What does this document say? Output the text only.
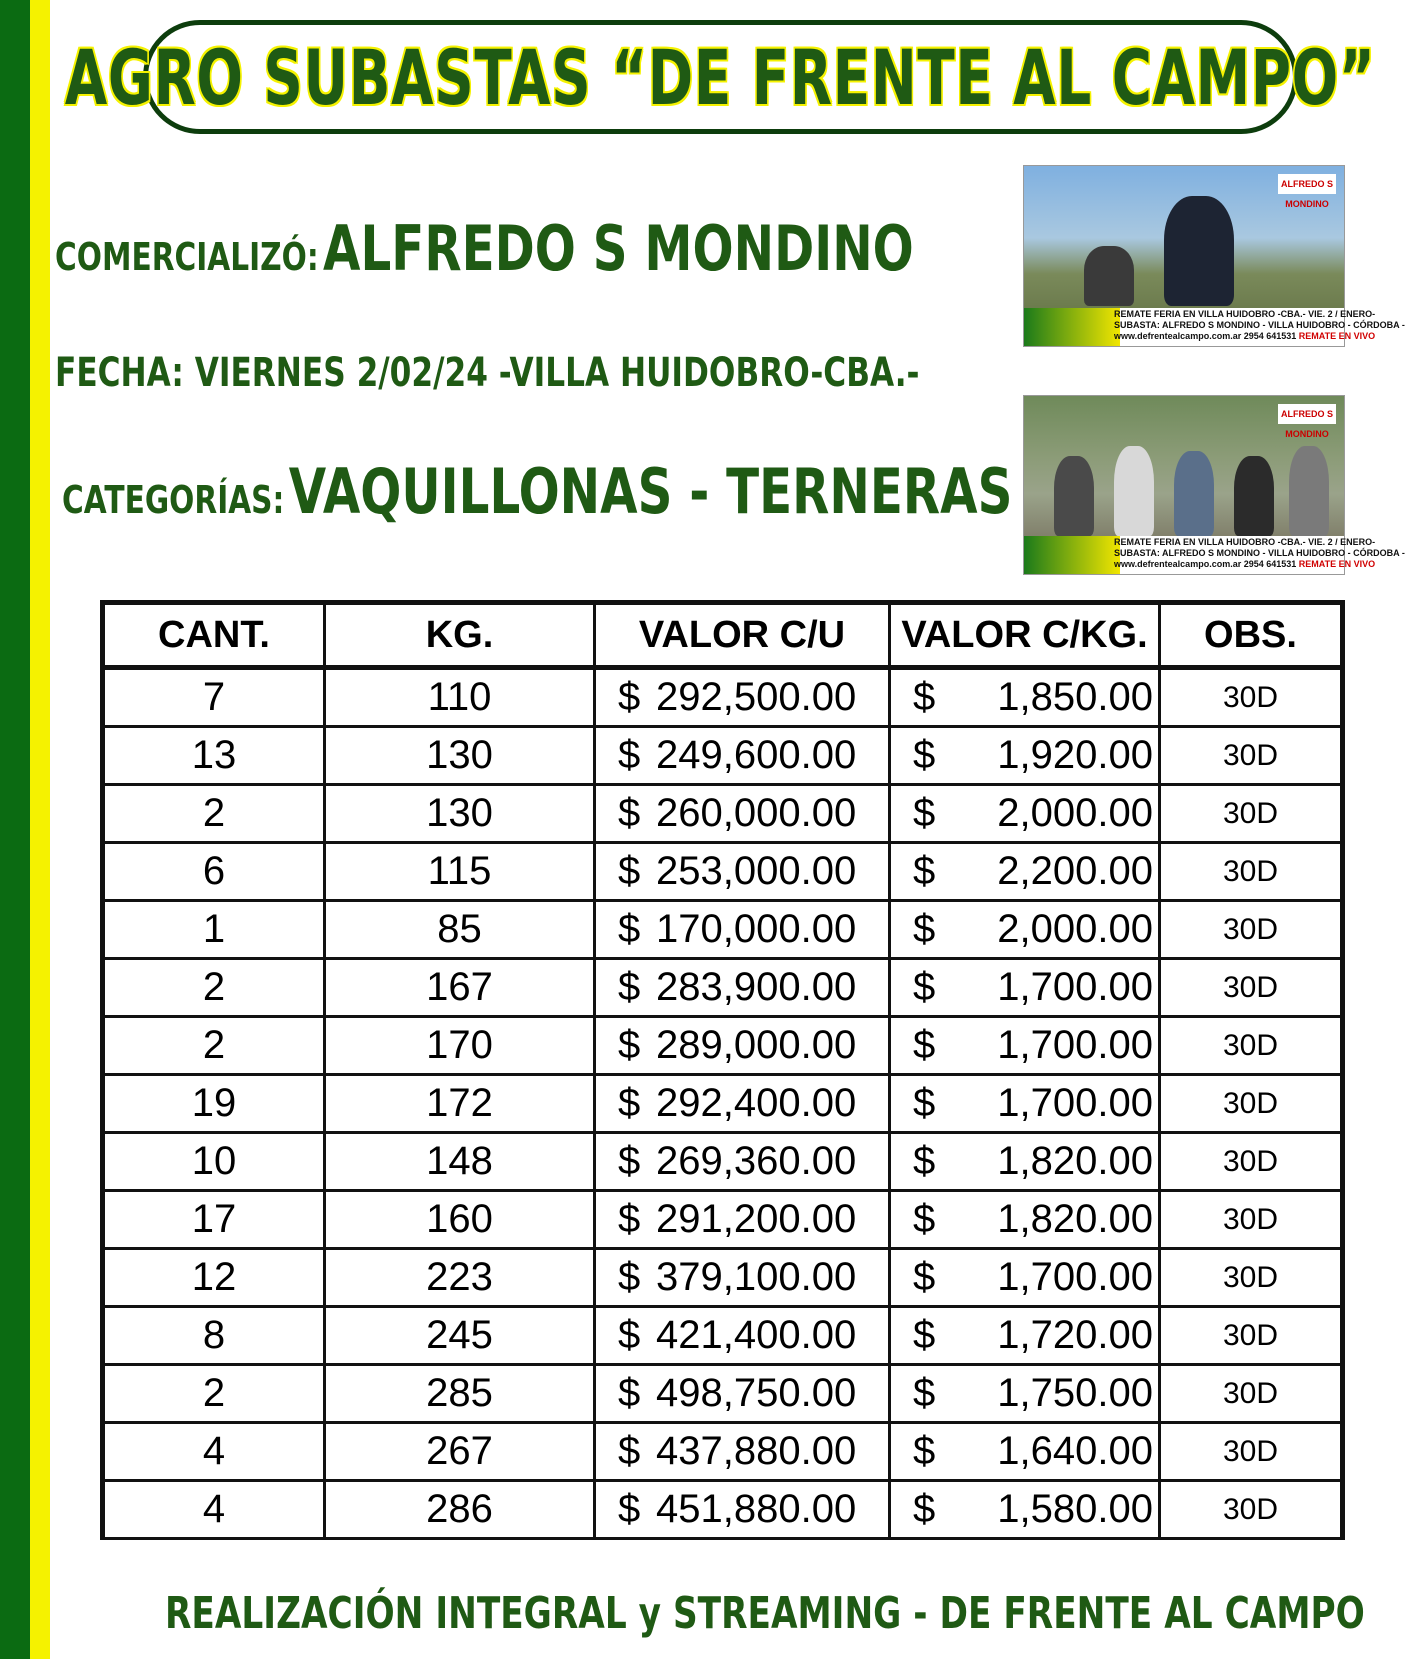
AGRO SUBASTAS “DE FRENTE AL CAMPO”
COMERCIALIZÓ: ALFREDO S MONDINO
FECHA: VIERNES 2/02/24 -VILLA HUIDOBRO-CBA.-
CATEGORÍAS: VAQUILLONAS - TERNERAS
ALFREDO S MONDINO
REMATE FERIA EN VILLA HUIDOBRO -CBA.- VIE. 2 / ENERO-
SUBASTA: ALFREDO S MONDINO - VILLA HUIDOBRO - CÓRDOBA -
www.defrentealcampo.com.ar 2954 641531 REMATE EN VIVO
ALFREDO S MONDINO
REMATE FERIA EN VILLA HUIDOBRO -CBA.- VIE. 2 / ENERO-
SUBASTA: ALFREDO S MONDINO - VILLA HUIDOBRO - CÓRDOBA -
www.defrentealcampo.com.ar 2954 641531 REMATE EN VIVO
CANT.	KG.	VALOR C/U	VALOR C/KG.	OBS.
7	110	$ 292,500.00	$ 1,850.00	30D
13	130	$ 249,600.00	$ 1,920.00	30D
2	130	$ 260,000.00	$ 2,000.00	30D
6	115	$ 253,000.00	$ 2,200.00	30D
1	85	$ 170,000.00	$ 2,000.00	30D
2	167	$ 283,900.00	$ 1,700.00	30D
2	170	$ 289,000.00	$ 1,700.00	30D
19	172	$ 292,400.00	$ 1,700.00	30D
10	148	$ 269,360.00	$ 1,820.00	30D
17	160	$ 291,200.00	$ 1,820.00	30D
12	223	$ 379,100.00	$ 1,700.00	30D
8	245	$ 421,400.00	$ 1,720.00	30D
2	285	$ 498,750.00	$ 1,750.00	30D
4	267	$ 437,880.00	$ 1,640.00	30D
4	286	$ 451,880.00	$ 1,580.00	30D
REALIZACIÓN INTEGRAL y STREAMING - DE FRENTE AL CAMPO
